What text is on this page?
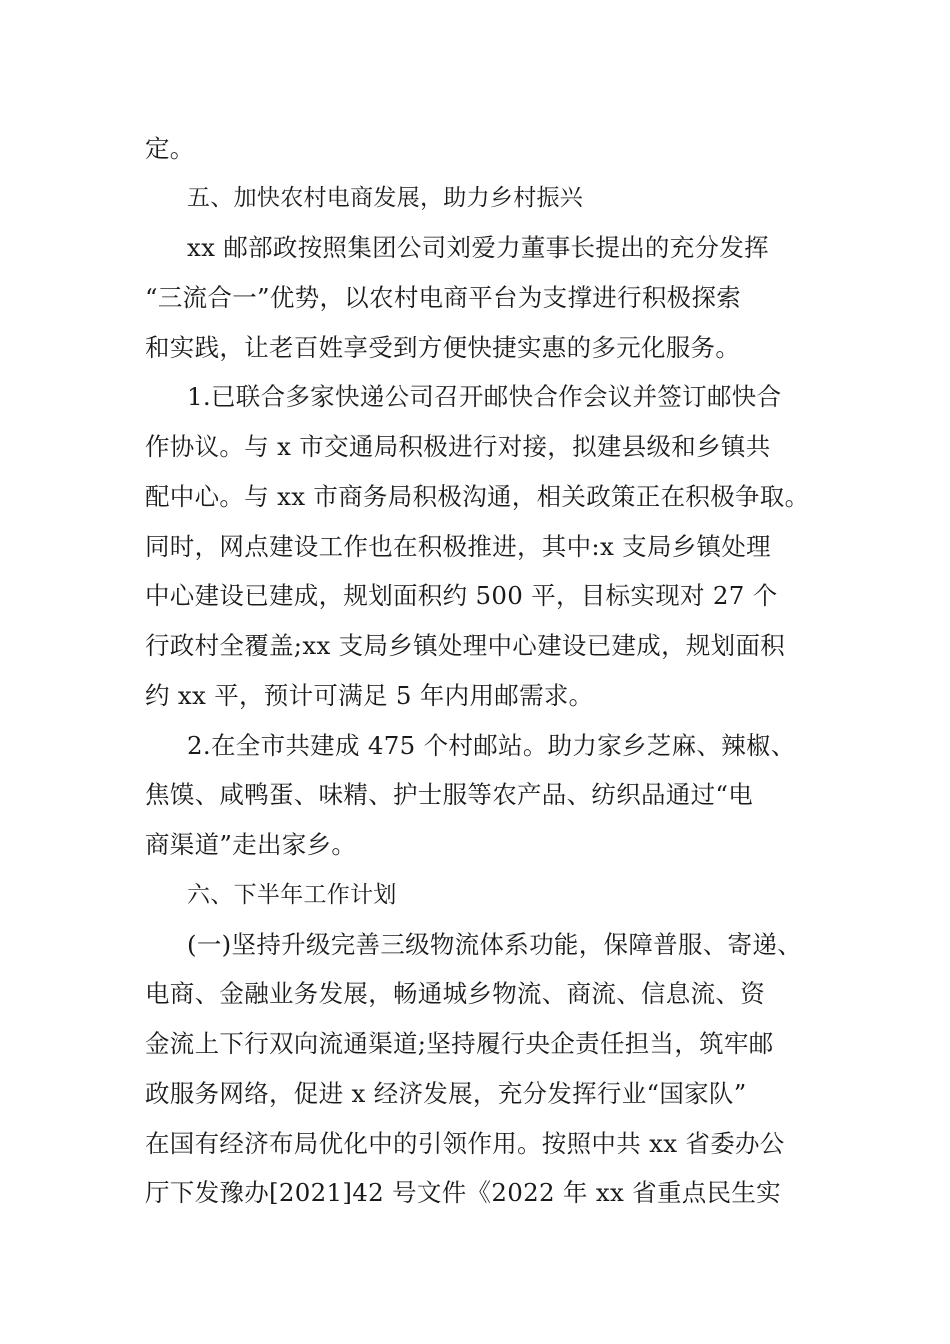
定。
五、加快农村电商发展，助力乡村振兴
xx 邮部政按照集团公司刘爱力董事长提出的充分发挥
“三流合一”优势，以农村电商平台为支撑进行积极探索
和实践，让老百姓享受到方便快捷实惠的多元化服务。
1.已联合多家快递公司召开邮快合作会议并签订邮快合
作协议。与 x 市交通局积极进行对接，拟建县级和乡镇共
配中心。与 xx 市商务局积极沟通，相关政策正在积极争取。
同时，网点建设工作也在积极推进，其中:x 支局乡镇处理
中心建设已建成，规划面积约 500 平，目标实现对 27 个
行政村全覆盖;xx 支局乡镇处理中心建设已建成，规划面积
约 xx 平，预计可满足 5 年内用邮需求。
2.在全市共建成 475 个村邮站。助力家乡芝麻、辣椒、
焦馍、咸鸭蛋、味精、护士服等农产品、纺织品通过“电
商渠道”走出家乡。
六、下半年工作计划
(一)坚持升级完善三级物流体系功能，保障普服、寄递、
电商、金融业务发展，畅通城乡物流、商流、信息流、资
金流上下行双向流通渠道;坚持履行央企责任担当，筑牢邮
政服务网络，促进 x 经济发展，充分发挥行业“国家队”
在国有经济布局优化中的引领作用。按照中共 xx 省委办公
厅下发豫办[2021]42 号文件《2022 年 xx 省重点民生实
